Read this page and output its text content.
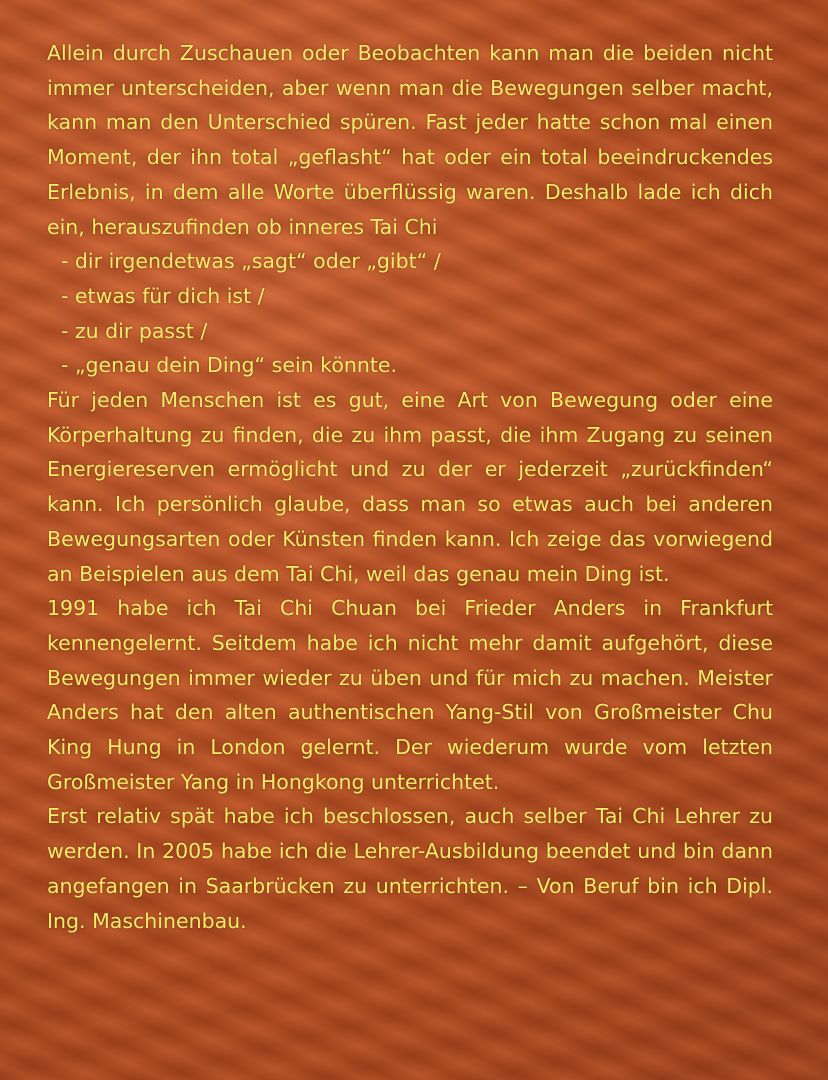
Allein durch Zuschauen oder Beobachten kann man die beiden nicht immer unterscheiden, aber wenn man die Bewegungen selber macht, kann man den Unterschied spüren. Fast jeder hatte schon mal einen Moment, der ihn total „geflasht“ hat oder ein total beeindruckendes Erlebnis, in dem alle Worte überflüssig waren. Deshalb lade ich dich ein, herauszufinden ob inneres Tai Chi

- dir irgendetwas „sagt“ oder „gibt“ /
- etwas für dich ist /
- zu dir passt /
- „genau dein Ding“ sein könnte.

Für jeden Menschen ist es gut, eine Art von Bewegung oder eine Körperhaltung zu finden, die zu ihm passt, die ihm Zugang zu seinen Energiereserven ermöglicht und zu der er jederzeit „zurückfinden“ kann. Ich persönlich glaube, dass man so etwas auch bei anderen Bewegungsarten oder Künsten finden kann. Ich zeige das vorwiegend an Beispielen aus dem Tai Chi, weil das genau mein Ding ist.

1991 habe ich Tai Chi Chuan bei Frieder Anders in Frankfurt kennengelernt. Seitdem habe ich nicht mehr damit aufgehört, diese Bewegungen immer wieder zu üben und für mich zu machen. Meister Anders hat den alten authentischen Yang-Stil von Großmeister Chu King Hung in London gelernt. Der wiederum wurde vom letzten Großmeister Yang in Hongkong unterrichtet.

Erst relativ spät habe ich beschlossen, auch selber Tai Chi Lehrer zu werden. In 2005 habe ich die Lehrer-Ausbildung beendet und bin dann angefangen in Saarbrücken zu unterrichten. – Von Beruf bin ich Dipl. Ing. Maschinenbau.
